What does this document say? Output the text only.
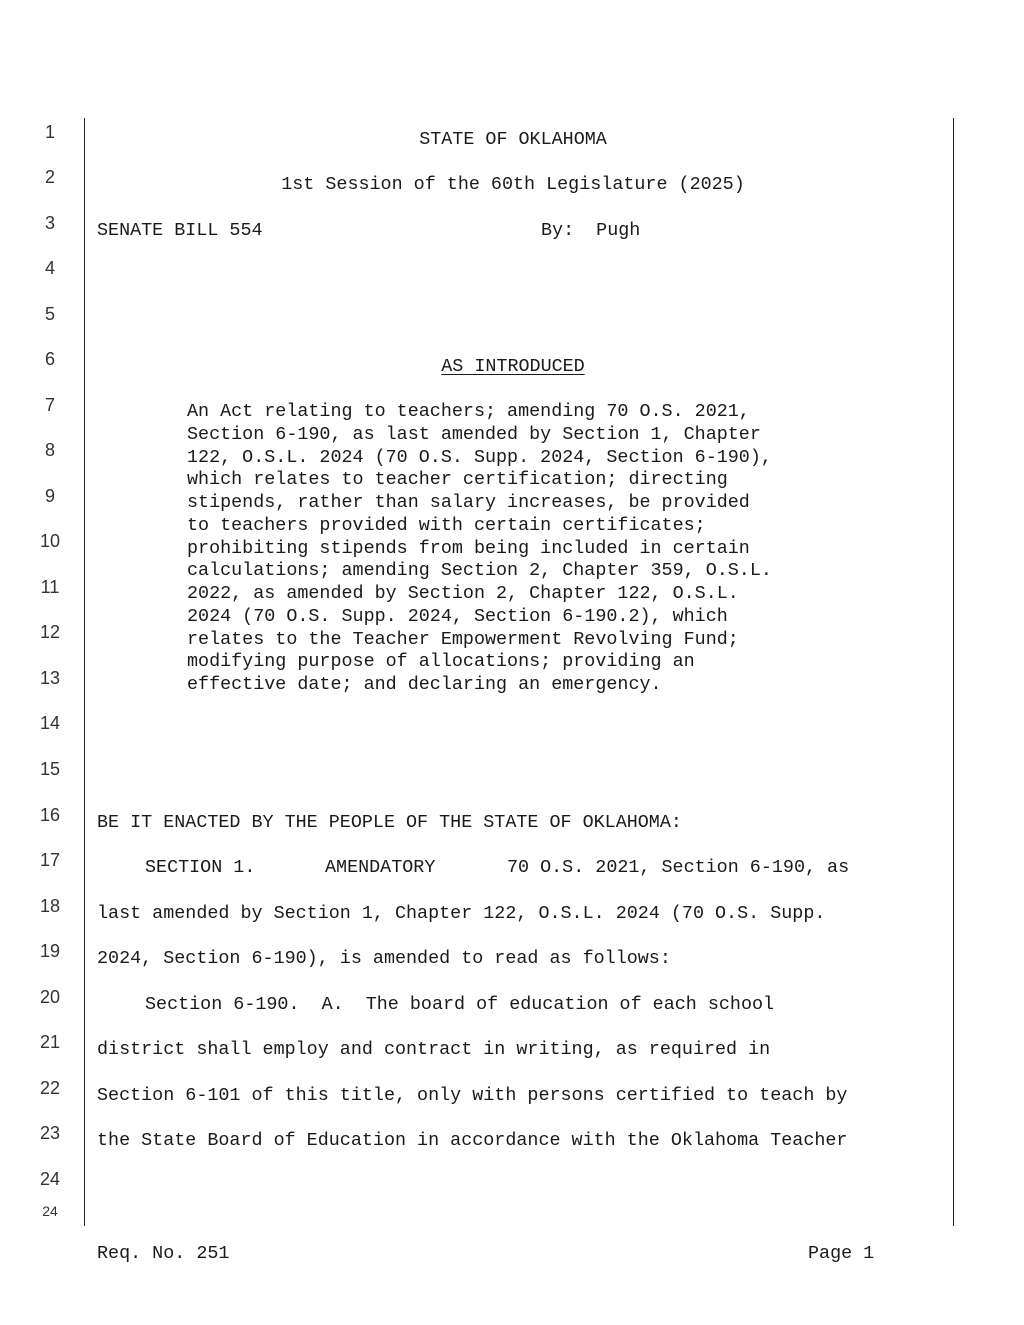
1
2
3
4
5
6
7
8
9
10
11
12
13
14
15
16
17
18
19
20
21
22
23
24
24
STATE OF OKLAHOMA
1st Session of the 60th Legislature (2025)
SENATE BILL 554	By:  Pugh
AS INTRODUCED
An Act relating to teachers; amending 70 O.S. 2021,
Section 6-190, as last amended by Section 1, Chapter
122, O.S.L. 2024 (70 O.S. Supp. 2024, Section 6-190),
which relates to teacher certification; directing
stipends, rather than salary increases, be provided
to teachers provided with certain certificates;
prohibiting stipends from being included in certain
calculations; amending Section 2, Chapter 359, O.S.L.
2022, as amended by Section 2, Chapter 122, O.S.L.
2024 (70 O.S. Supp. 2024, Section 6-190.2), which
relates to the Teacher Empowerment Revolving Fund;
modifying purpose of allocations; providing an
effective date; and declaring an emergency.
BE IT ENACTED BY THE PEOPLE OF THE STATE OF OKLAHOMA:
SECTION 1.	AMENDATORY	70 O.S. 2021, Section 6-190, as
last amended by Section 1, Chapter 122, O.S.L. 2024 (70 O.S. Supp.
2024, Section 6-190), is amended to read as follows:
Section 6-190.  A.  The board of education of each school
district shall employ and contract in writing, as required in
Section 6-101 of this title, only with persons certified to teach by
the State Board of Education in accordance with the Oklahoma Teacher
Req. No. 251	Page 1
